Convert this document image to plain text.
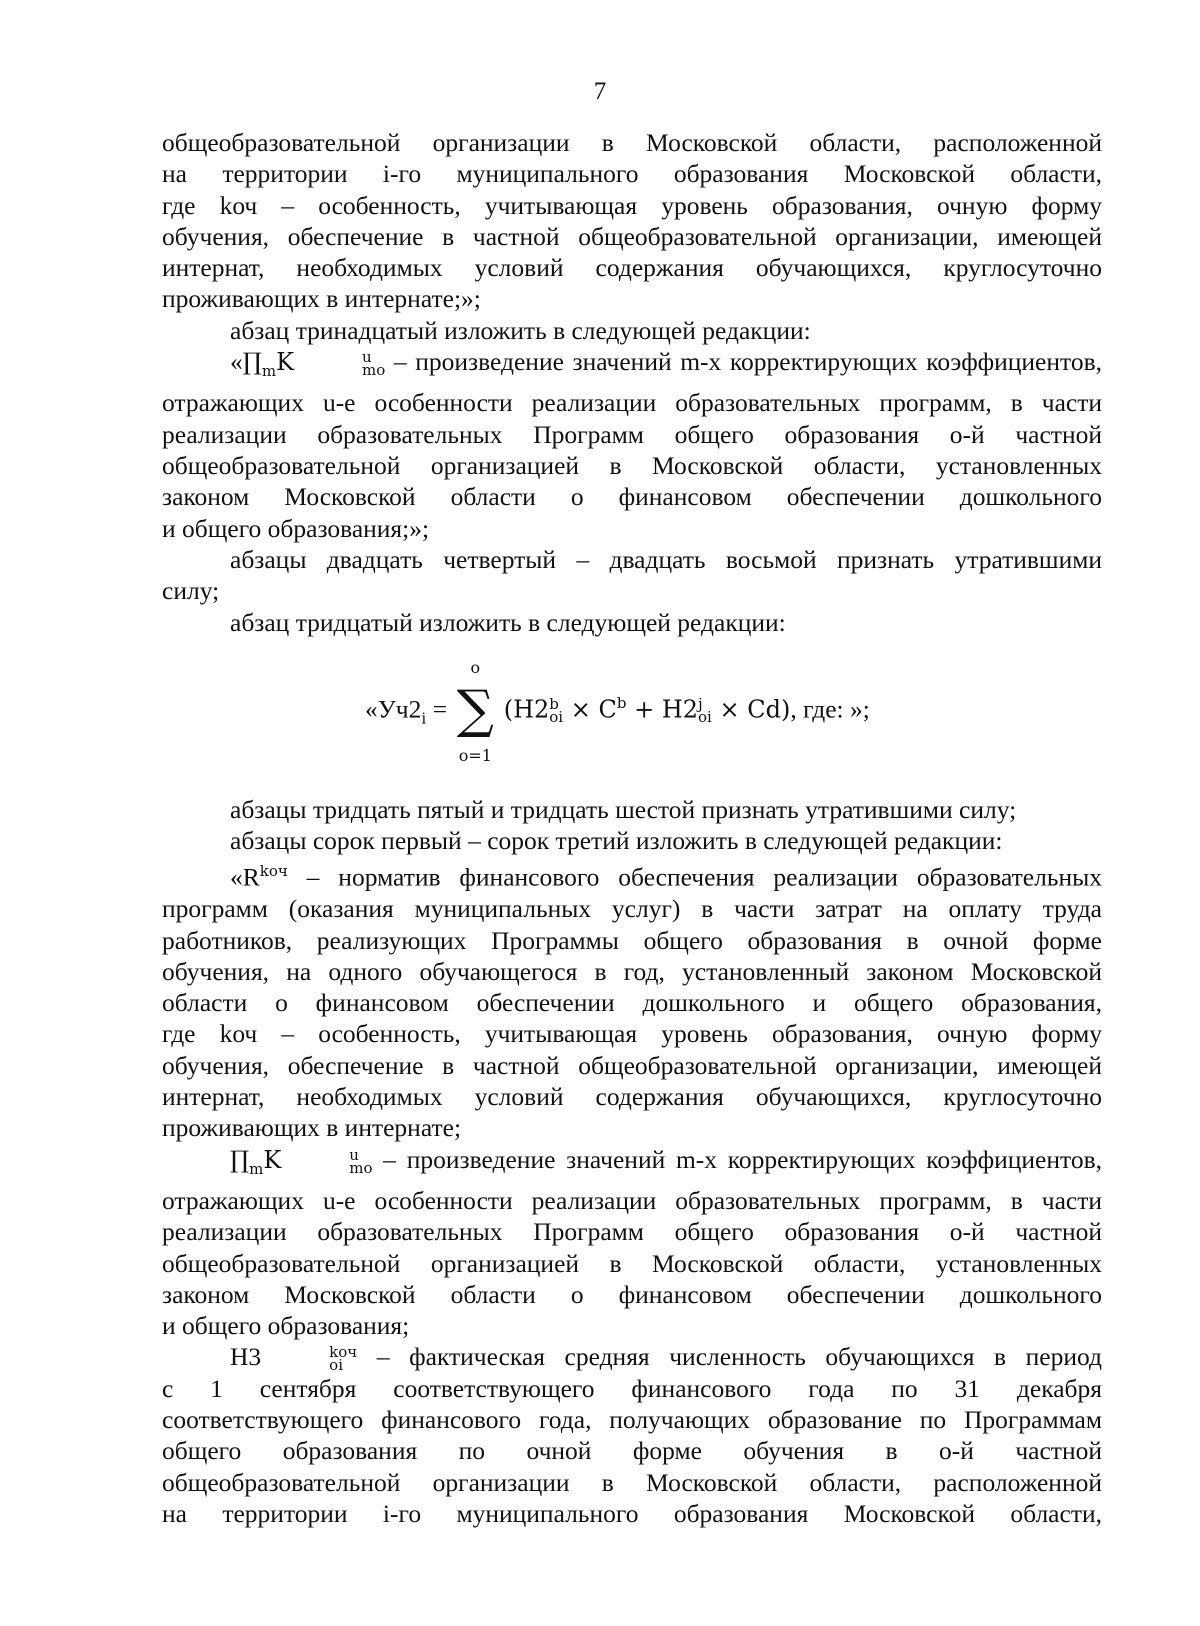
7

общеобразовательной организации в Московской области, расположенной

на территории i-го муниципального образования Московской области,

где kоч – особенность, учитывающая уровень образования, очную форму

обучения, обеспечение в частной общеобразовательной организации, имеющей

интернат, необходимых условий содержания обучающихся, круглосуточно

проживающих в интернате;»;

абзац тринадцатый изложить в следующей редакции:

«$\prod_mK$	u
mo – произведение значений m-х корректирующих коэффициентов,

отражающих u-е особенности реализации образовательных программ, в части

реализации образовательных Программ общего образования о-й частной

общеобразовательной организацией в Московской области, установленных

законом Московской области о финансовом обеспечении дошкольного

и общего образования;»;

абзацы двадцать четвертый – двадцать восьмой признать утратившими

силу;

абзац тридцатый изложить в следующей редакции:

«$Уч2_i$ =
o
∑
o=1
(H2 b
oi × $C^b + H2$ j
oi × Cd), где: »;

абзацы тридцать пятый и тридцать шестой признать утратившими силу;

абзацы сорок первый – сорок третий изложить в следующей редакции:

«$R^{kоч}$ – норматив финансового обеспечения реализации образовательных

программ (оказания муниципальных услуг) в части затрат на оплату труда

работников, реализующих Программы общего образования в очной форме

обучения, на одного обучающегося в год, установленный законом Московской

области о финансовом обеспечении дошкольного и общего образования,

где kоч – особенность, учитывающая уровень образования, очную форму

обучения, обеспечение в частной общеобразовательной организации, имеющей

интернат, необходимых условий содержания обучающихся, круглосуточно

проживающих в интернате;

$\prod_mK$	u
mo – произведение значений m-х корректирующих коэффициентов,

отражающих u-е особенности реализации образовательных программ, в части

реализации образовательных Программ общего образования о-й частной

общеобразовательной организацией в Московской области, установленных

законом Московской области о финансовом обеспечении дошкольного

и общего образования;

Н3	kоч
oi – фактическая средняя численность обучающихся в период

с 1 сентября соответствующего финансового года по 31 декабря

соответствующего финансового года, получающих образование по Программам

общего образования по очной форме обучения в о-й частной

общеобразовательной организации в Московской области, расположенной

на территории i-го муниципального образования Московской области,
